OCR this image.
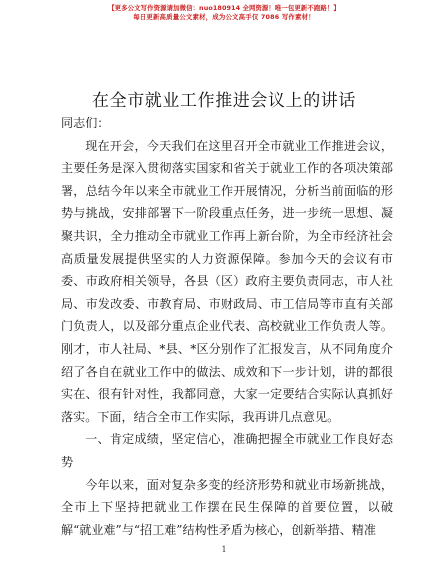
【更多公文写作资源请加微信：nuo180914 全网资源！唯一包更新不跑路！】
每日更新高质量公文素材，成为公文高手仅 7086 写作素材！
在全市就业工作推进会议上的讲话

同志们：

现在开会，今天我们在这里召开全市就业工作推进会议，主要任务是深入贯彻落实国家和省关于就业工作的各项决策部署，总结今年以来全市就业工作开展情况，分析当前面临的形势与挑战，安排部署下一阶段重点任务，进一步统一思想、凝聚共识，全力推动全市就业工作再上新台阶，为全市经济社会高质量发展提供坚实的人力资源保障。参加今天的会议有市委、市政府相关领导，各县（区）政府主要负责同志，市人社局、市发改委、市教育局、市财政局、市工信局等市直有关部门负责人，以及部分重点企业代表、高校就业工作负责人等。刚才，市人社局、*县、*区分别作了汇报发言，从不同角度介绍了各自在就业工作中的做法、成效和下一步计划，讲的都很实在、很有针对性，我都同意，大家一定要结合实际认真抓好落实。下面，结合全市工作实际，我再讲几点意见。

一、肯定成绩，坚定信心，准确把握全市就业工作良好态势

今年以来，面对复杂多变的经济形势和就业市场新挑战，全市上下坚持把就业工作摆在民生保障的首要位置，以破解“就业难”与“招工难”结构性矛盾为核心，创新举措、精准

1
